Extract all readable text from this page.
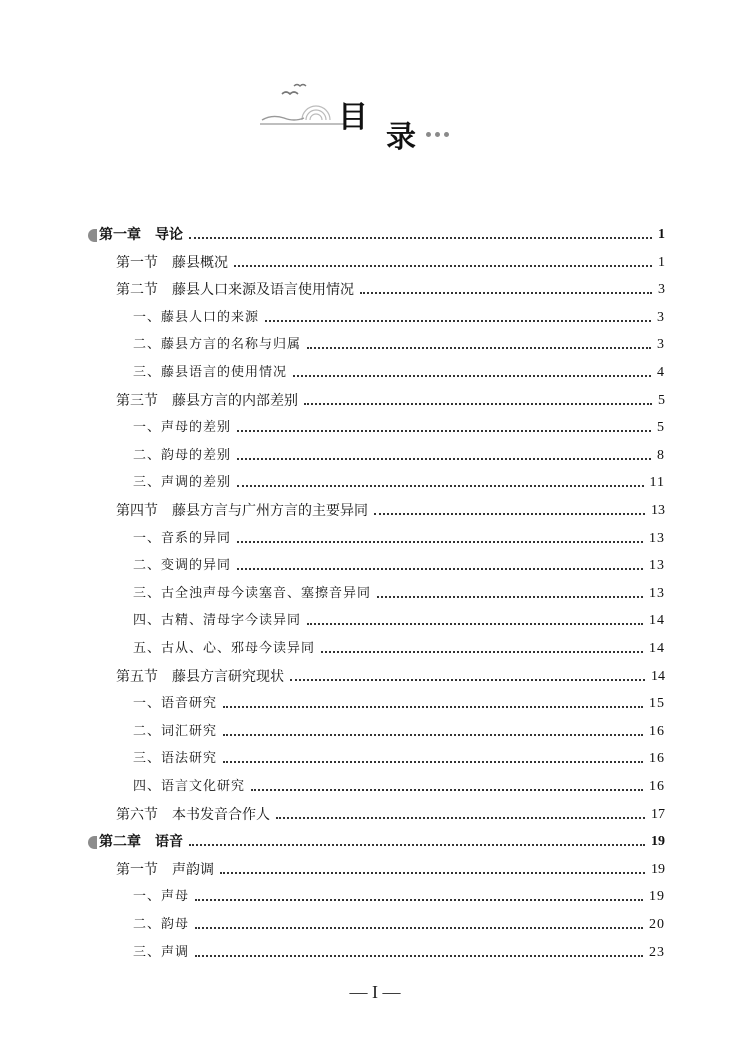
目
录
第一章　导论	1
第一节　藤县概况	1
第二节　藤县人口来源及语言使用情况	3
一、藤县人口的来源	3
二、藤县方言的名称与归属	3
三、藤县语言的使用情况	4
第三节　藤县方言的内部差别	5
一、声母的差别	5
二、韵母的差别	8
三、声调的差别	11
第四节　藤县方言与广州方言的主要异同	13
一、音系的异同	13
二、变调的异同	13
三、古全浊声母今读塞音、塞擦音异同	13
四、古精、清母字今读异同	14
五、古从、心、邪母今读异同	14
第五节　藤县方言研究现状	14
一、语音研究	15
二、词汇研究	16
三、语法研究	16
四、语言文化研究	16
第六节　本书发音合作人	17
第二章　语音	19
第一节　声韵调	19
一、声母	19
二、韵母	20
三、声调	23
— I —
